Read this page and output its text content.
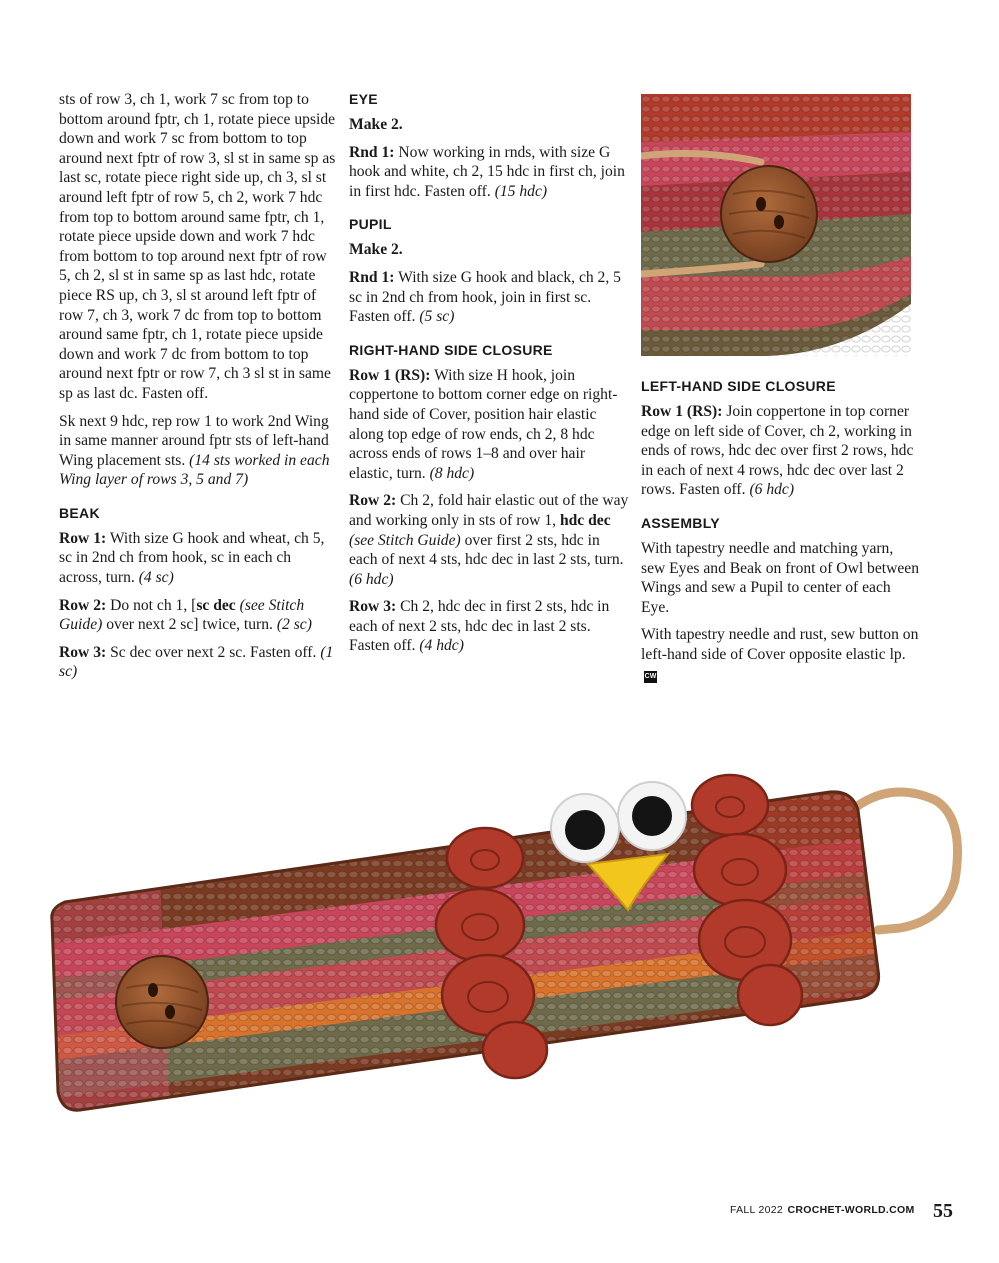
sts of row 3, ch 1, work 7 sc from top to bottom around fptr, ch 1, rotate piece upside down and work 7 sc from bottom to top around next fptr of row 3, sl st in same sp as last sc, rotate piece right side up, ch 3, sl st around left fptr of row 5, ch 2, work 7 hdc from top to bottom around same fptr, ch 1, rotate piece upside down and work 7 hdc from bottom to top around next fptr of row 5, ch 2, sl st in same sp as last hdc, rotate piece RS up, ch 3, sl st around left fptr of row 7, ch 3, work 7 dc from top to bottom around same fptr, ch 1, rotate piece upside down and work 7 dc from bottom to top around next fptr or row 7, ch 3 sl st in same sp as last dc. Fasten off.

Sk next 9 hdc, rep row 1 to work 2nd Wing in same manner around fptr sts of left-hand Wing placement sts. (14 sts worked in each Wing layer of rows 3, 5 and 7)

BEAK

Row 1: With size G hook and wheat, ch 5, sc in 2nd ch from hook, sc in each ch across, turn. (4 sc)

Row 2: Do not ch 1, [sc dec (see Stitch Guide) over next 2 sc] twice, turn. (2 sc)

Row 3: Sc dec over next 2 sc. Fasten off. (1 sc)

EYE

Make 2.

Rnd 1: Now working in rnds, with size G hook and white, ch 2, 15 hdc in first ch, join in first hdc. Fasten off. (15 hdc)

PUPIL

Make 2.

Rnd 1: With size G hook and black, ch 2, 5 sc in 2nd ch from hook, join in first sc. Fasten off. (5 sc)

RIGHT-HAND SIDE CLOSURE

Row 1 (RS): With size H hook, join coppertone to bottom corner edge on right-hand side of Cover, position hair elastic along top edge of row ends, ch 2, 8 hdc across ends of rows 1–8 and over hair elastic, turn. (8 hdc)

Row 2: Ch 2, fold hair elastic out of the way and working only in sts of row 1, hdc dec (see Stitch Guide) over first 2 sts, hdc in each of next 4 sts, hdc dec in last 2 sts, turn. (6 hdc)

Row 3: Ch 2, hdc dec in first 2 sts, hdc in each of next 2 sts, hdc dec in last 2 sts. Fasten off. (4 hdc)

LEFT-HAND SIDE CLOSURE

Row 1 (RS): Join coppertone in top corner edge on left side of Cover, ch 2, working in ends of rows, hdc dec over first 2 rows, hdc in each of next 4 rows, hdc dec over last 2 rows. Fasten off. (6 hdc)

ASSEMBLY

With tapestry needle and matching yarn, sew Eyes and Beak on front of Owl between Wings and sew a Pupil to center of each Eye.

With tapestry needle and rust, sew button on left-hand side of Cover opposite elastic lp.CW

$^{FALL 2022}$ $^{CROCHET-WORLD.COM}$ 55
